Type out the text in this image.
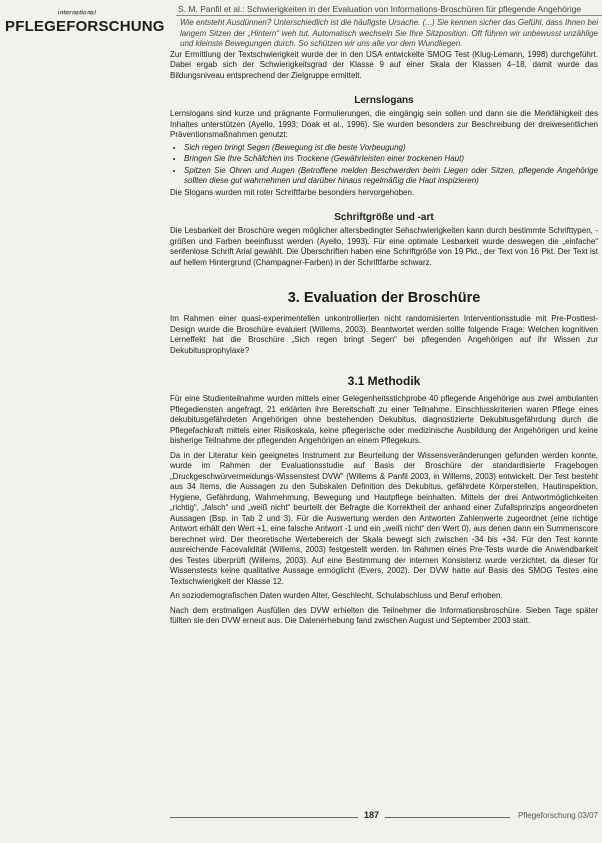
ᵢₙₜₑᵣₙₐₜᵢₒₙₐₗ
PFLEGEFORSCHUNG
S. M. Panfil et al.: Schwierigkeiten in der Evaluation von Informations-Broschüren für pflegende Angehörige

Wie entsteht Ausdünnen? Unterschiedlich ist die häufigste Ursache. (...) Sie kennen sicher das Gefühl, dass Ihnen bei langem Sitzen der „Hintern“ weh tut. Automatisch wechseln Sie Ihre Sitzposition. Oft führen wir unbewusst unzählige und kleinste Bewegungen durch. So schützen wir uns alle vor dem Wundliegen.

Zur Ermittlung der Textschwierigkeit wurde der in den USA entwickelte SMOG Test (Klug-Lemann, 1998) durchgeführt. Dabei ergab sich der Schwierigkeitsgrad der Klasse 9 auf einer Skala der Klassen 4–18, damit wurde das Bildungsniveau entsprechend der Zielgruppe ermittelt.

Lernslogans

Lernslogans sind kurze und prägnante Formulierungen, die eingängig sein sollen und dann sie die Merkfähigkeit des Inhaltes unterstützen (Ayello, 1993; Doak et al., 1996). Sie wurden besonders zur Beschreibung der dreiwesentlichen Präventionsmaßnahmen genutzt:

• Sich regen bringt Segen (Bewegung ist die beste Vorbeugung)
• Bringen Sie Ihre Schäfchen ins Trockene (Gewährleisten einer trockenen Haut)
• Spitzen Sie Ohren und Augen (Betroffene melden Beschwerden beim Liegen oder Sitzen, pflegende Angehörige sollten diese gut wahrnehmen und darüber hinaus regelmäßig die Haut inspizieren)

Die Slogans wurden mit roter Schriftfarbe besonders hervorgehoben.

Schriftgröße und -art

Die Lesbarkeit der Broschüre wegen möglicher altersbedingter Sehschwierigkeiten kann durch bestimmte Schrifttypen, -größen und Farben beeinflusst werden (Ayello, 1993). Für eine optimale Lesbarkeit wurde deswegen die „einfache“ serifenlose Schrift Arial gewählt. Die Überschriften haben eine Schriftgröße von 19 Pkt., der Text von 16 Pkt. Der Text ist auf hellem Hintergrund (Champagner-Farben) in der Schriftfarbe schwarz.

3. Evaluation der Broschüre

Im Rahmen einer quasi-experimentellen unkontrollierten nicht randomisierten Interventionsstudie mit Pre-Posttest-Design wurde die Broschüre evaluiert (Willems, 2003). Beantwortet werden sollte folgende Frage: Welchen kognitiven Lerneffekt hat die Broschüre „Sich regen bringt Segen“ bei pflegenden Angehörigen auf ihr Wissen zur Dekubitusprophylaxe?

3.1 Methodik

Für eine Studienteilnahme wurden mittels einer Gelegenheitsstichprobe 40 pflegende Angehörige aus zwei ambulanten Pflegediensten angefragt, 21 erklärten ihre Bereitschaft zu einer Teilnahme. Einschlusskriterien waren Pflege eines dekubitusgefährdeten Angehörigen ohne bestehenden Dekubitus, diagnostizierte Dekubitusgefährdung durch die Pflegefachkraft mittels einer Risikoskala, keine pflegerische oder medizinische Ausbildung der Angehörigen und keine bisherige Teilnahme der pflegenden Angehörigen an einem Pflegekurs.

Da in der Literatur kein geeignetes Instrument zur Beurteilung der Wissensveränderungen gefunden werden konnte, wurde im Rahmen der Evaluationsstudie auf Basis der Broschüre der standardisierte Fragebogen „Druckgeschwürvermeidungs-Wissenstest DVW“ (Willems & Panfil 2003, in Willems, 2003) entwickelt. Der Test besteht aus 34 Items, die Aussagen zu den Subskalen Definition des Dekubitus, gefährdete Körperstellen, Hautinspektion, Hygiene, Gefährdung, Wahrnehmung, Bewegung und Hautpflege beinhalten. Mittels der drei Antwortmöglichkeiten „richtig“, „falsch“ und „weiß nicht“ beurteilt der Befragte die Korrektheit der anhand einer Zufallsprinzips angeordneten Aussagen (Bsp. in Tab 2 und 3). Für die Auswertung werden den Antworten Zahlenwerte zugeordnet (eine richtige Antwort erhält den Wert +1, eine falsche Antwort -1 und ein „weiß nicht“ den Wert 0), aus denen dann ein Summenscore berechnet wird. Der theoretische Wertebereich der Skala bewegt sich zwischen -34 bis +34. Für den Test konnte ausreichende Facevalidität (Willems, 2003) festgestellt werden. Im Rahmen eines Pre-Tests wurde die Anwendbarkeit des Testes überprüft (Willems, 2003). Auf eine Bestimmung der internen Konsistenz wurde verzichtet, da dieser für Wissenstests keine qualitative Aussage ermöglicht (Evers, 2002). Der DVW hatte auf Basis des SMOG Testes eine Textschwierigkeit der Klasse 12.

An soziodemografischen Daten wurden Alter, Geschlecht, Schulabschluss und Beruf erhoben.

Nach dem erstmaligen Ausfüllen des DVW erhielten die Teilnehmer die Informationsbroschüre. Sieben Tage später füllten sie den DVW erneut aus. Die Datenerhebung fand zwischen August und September 2003 statt.

187	Pflegeforschung 03/07
